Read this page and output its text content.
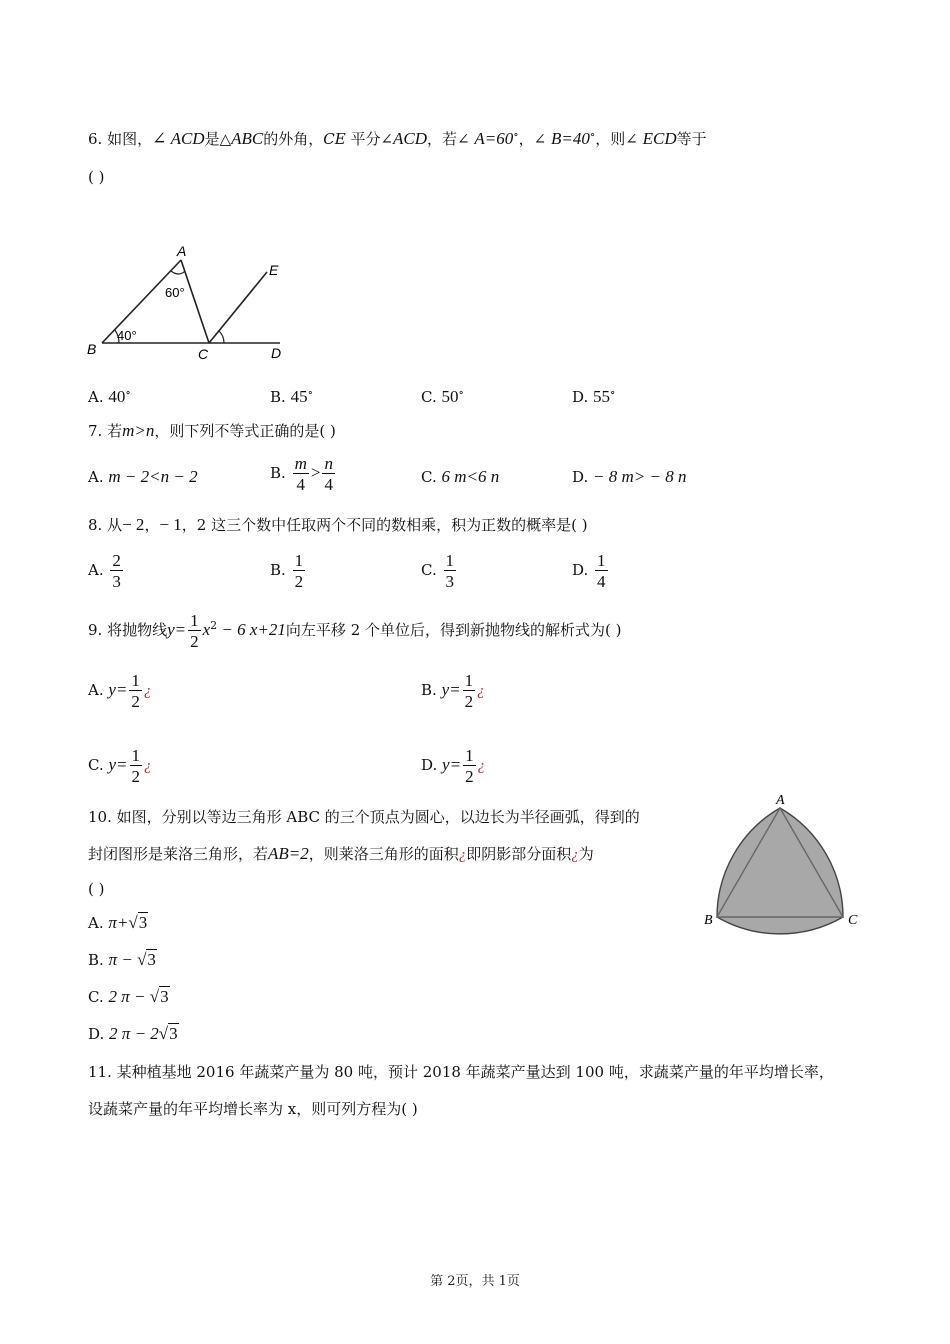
6. 如图，∠ ACD是△ABC的外角，CE 平分∠ACD，若∠ A=60∘，∠ B=40∘，则∠ ECD等于
( )
A
B	C	D
E
60°
40°
A. 40∘	B. 45∘	C. 50∘	D. 55∘
7. 若m>n，则下列不等式正确的是( )
A. m − 2<n − 2	B. $\frac{m}{4} > \frac{n}{4}$	C. 6 m<6 n	D. − 8 m> − 8 n
8. 从− 2，− 1，2 这三个数中任取两个不同的数相乘，积为正数的概率是( )
A. $\frac{2}{3}$	B. $\frac{1}{2}$	C. $\frac{1}{3}$	D. $\frac{1}{4}$
9. 将抛物线$y= \frac{1}{2} x^2 - 6$ x+21向左平移 2 个单位后，得到新抛物线的解析式为( )
A. $y= \frac{1}{2}$ ¿	B. $y= \frac{1}{2}$ ¿
C. $y= \frac{1}{2}$ ¿	D. $y= \frac{1}{2}$ ¿
10. 如图，分别以等边三角形 ABC 的三个顶点为圆心，以边长为半径画弧，得到的
封闭图形是莱洛三角形，若AB=2，则莱洛三角形的面积¿即阴影部分面积¿为
( )
A
B	C
A. π+√3
B. π − √3
C. 2 π − √3
D. 2 π − 2√3
11. 某种植基地 2016 年蔬菜产量为 80 吨，预计 2018 年蔬菜产量达到 100 吨，求蔬菜产量的年平均增长率，
设蔬菜产量的年平均增长率为 x，则可列方程为( )
第 2页，共 1页
